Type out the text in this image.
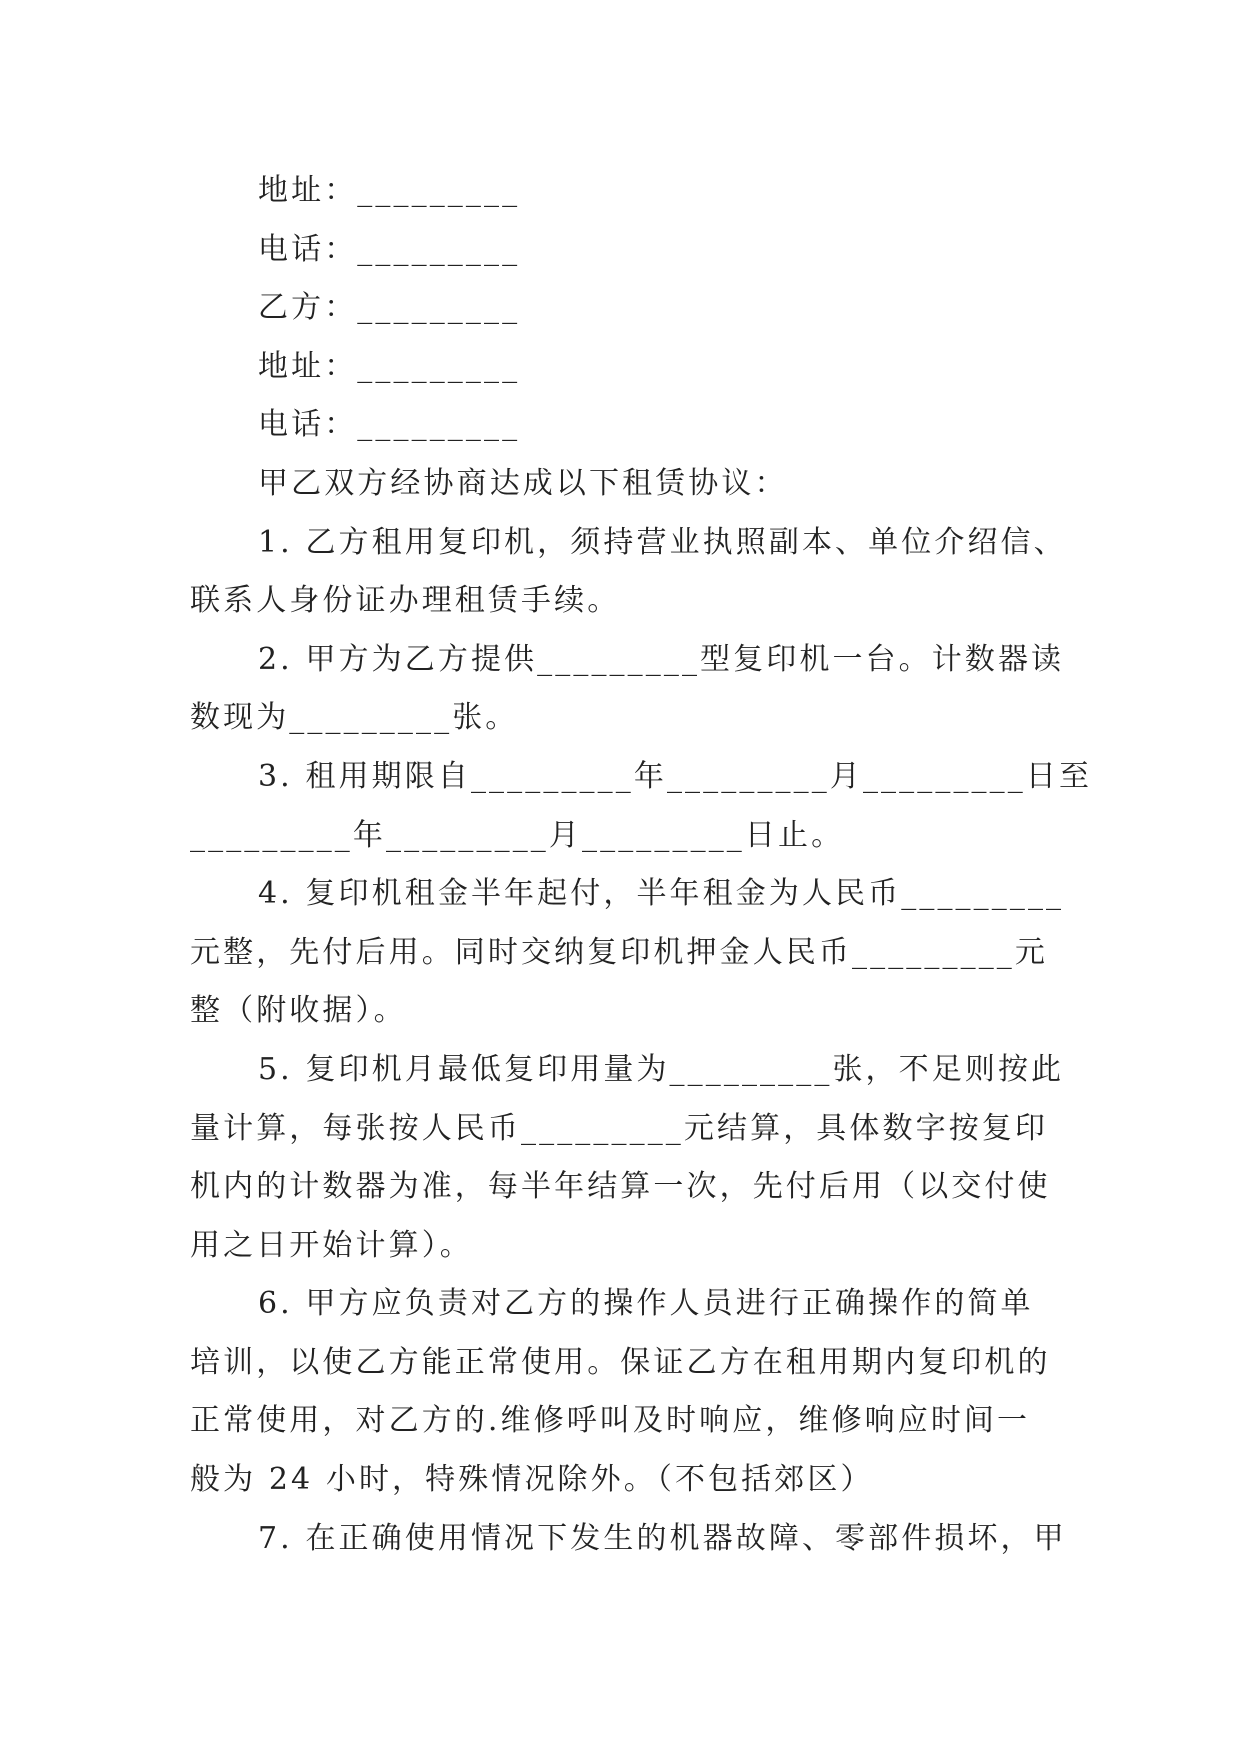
地址：_________
电话：_________
乙方：_________
地址：_________
电话：_________
甲乙双方经协商达成以下租赁协议：
1. 乙方租用复印机，须持营业执照副本、单位介绍信、
联系人身份证办理租赁手续。
2. 甲方为乙方提供_________型复印机一台。计数器读
数现为_________张。
3. 租用期限自_________年_________月_________日至
_________年_________月_________日止。
4. 复印机租金半年起付，半年租金为人民币_________
元整，先付后用。同时交纳复印机押金人民币_________元
整（附收据）。
5. 复印机月最低复印用量为_________张，不足则按此
量计算，每张按人民币_________元结算，具体数字按复印
机内的计数器为准，每半年结算一次，先付后用（以交付使
用之日开始计算）。
6. 甲方应负责对乙方的操作人员进行正确操作的简单
培训，以使乙方能正常使用。保证乙方在租用期内复印机的
正常使用，对乙方的.维修呼叫及时响应，维修响应时间一
般为 24 小时，特殊情况除外。（不包括郊区）
7. 在正确使用情况下发生的机器故障、零部件损坏，甲
